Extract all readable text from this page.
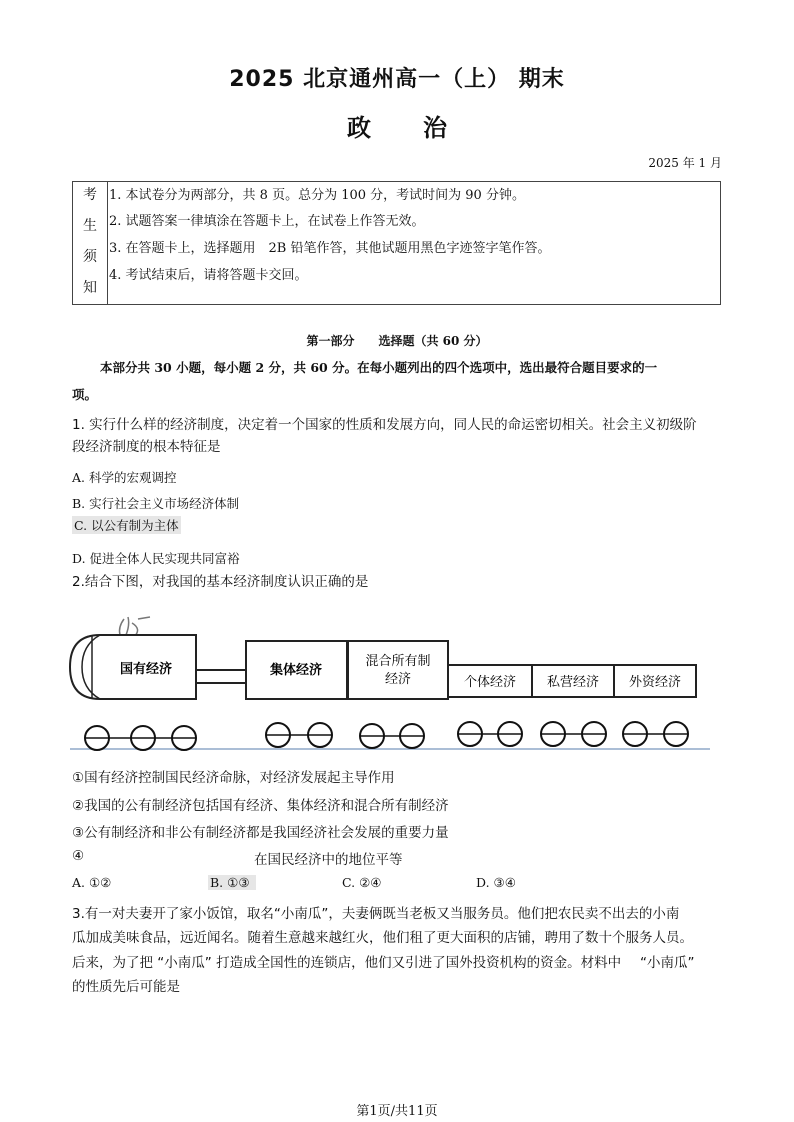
2025 北京通州高一（上） 期末
政 治
2025 年 1 月
考
生
须
知
1. 本试卷分为两部分，共 8 页。总分为 100 分，考试时间为 90 分钟。
2. 试题答案一律填涂在答题卡上，在试卷上作答无效。
3. 在答题卡上，选择题用　2B 铅笔作答，其他试题用黑色字迹签字笔作答。
4. 考试结束后，请将答题卡交回。
第一部分　　选择题（共 60 分）
本部分共 30 小题，每小题 2 分，共 60 分。在每小题列出的四个选项中，选出最符合题目要求的一
项。
1. 实行什么样的经济制度，决定着一个国家的性质和发展方向，同人民的命运密切相关。社会主义初级阶
段经济制度的根本特征是
A. 科学的宏观调控
B. 实行社会主义市场经济体制
C. 以公有制为主体
D. 促进全体人民实现共同富裕
2.结合下图，对我国的基本经济制度认识正确的是
国有经济	集体经济
混合所有制
经济	个体经济 私营经济 外资经济
①国有经济控制国民经济命脉，对经济发展起主导作用
②我国的公有制经济包括国有经济、集体经济和混合所有制经济
③公有制经济和非公有制经济都是我国经济社会发展的重要力量
④	在国民经济中的地位平等
A. ①②	B. ①③	C. ②④	D. ③④
3.有一对夫妻开了家小饭馆，取名“小南瓜”，夫妻俩既当老板又当服务员。他们把农民卖不出去的小南
瓜加成美味食品，远近闻名。随着生意越来越红火，他们租了更大面积的店铺，聘用了数十个服务人员。
后来，为了把 “小南瓜” 打造成全国性的连锁店，他们又引进了国外投资机构的资金。材料中 “小南瓜”
的性质先后可能是
第1页/共11页
